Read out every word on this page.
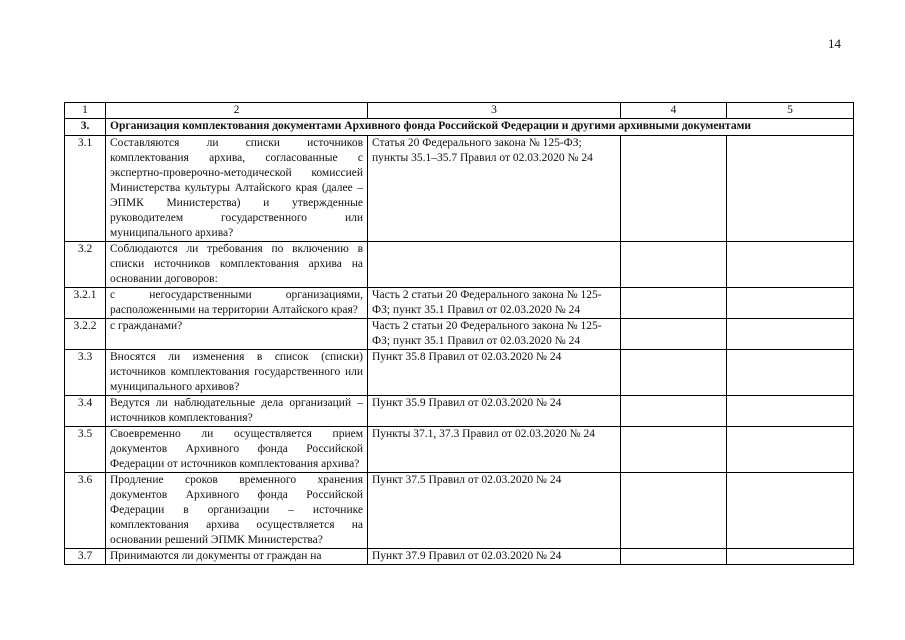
14
1	2	3	4	5
3.	Организация комплектования документами Архивного фонда Российской Федерации и другими архивными документами			
3.1	Составляются ли списки источников комплектования архива, согласованные с экспертно-проверочно-методической комиссией Министерства культуры Алтайского края (далее – ЭПМК Министерства) и утвержденные руководителем государственного или муниципального архива?	Статья 20 Федерального закона № 125-ФЗ; пункты 35.1–35.7 Правил от 02.03.2020 № 24		
3.2	Соблюдаются ли требования по включению в списки источников комплектования архива на основании договоров:			
3.2.1	с негосударственными организациями, расположенными на территории Алтайского края?	Часть 2 статьи 20 Федерального закона № 125-ФЗ; пункт 35.1 Правил от 02.03.2020 № 24		
3.2.2	с гражданами?	Часть 2 статьи 20 Федерального закона № 125-ФЗ; пункт 35.1 Правил от 02.03.2020 № 24		
3.3	Вносятся ли изменения в список (списки) источников комплектования государственного или муниципального архивов?	Пункт 35.8 Правил от 02.03.2020 № 24		
3.4	Ведутся ли наблюдательные дела организаций – источников комплектования?	Пункт 35.9 Правил от 02.03.2020 № 24		
3.5	Своевременно ли осуществляется прием документов Архивного фонда Российской Федерации от источников комплектования архива?	Пункты 37.1, 37.3 Правил от 02.03.2020 № 24		
3.6	Продление сроков временного хранения документов Архивного фонда Российской Федерации в организации – источнике комплектования архива осуществляется на основании решений ЭПМК Министерства?	Пункт 37.5 Правил от 02.03.2020 № 24		
3.7	Принимаются ли документы от граждан на	Пункт 37.9 Правил от 02.03.2020 № 24		
